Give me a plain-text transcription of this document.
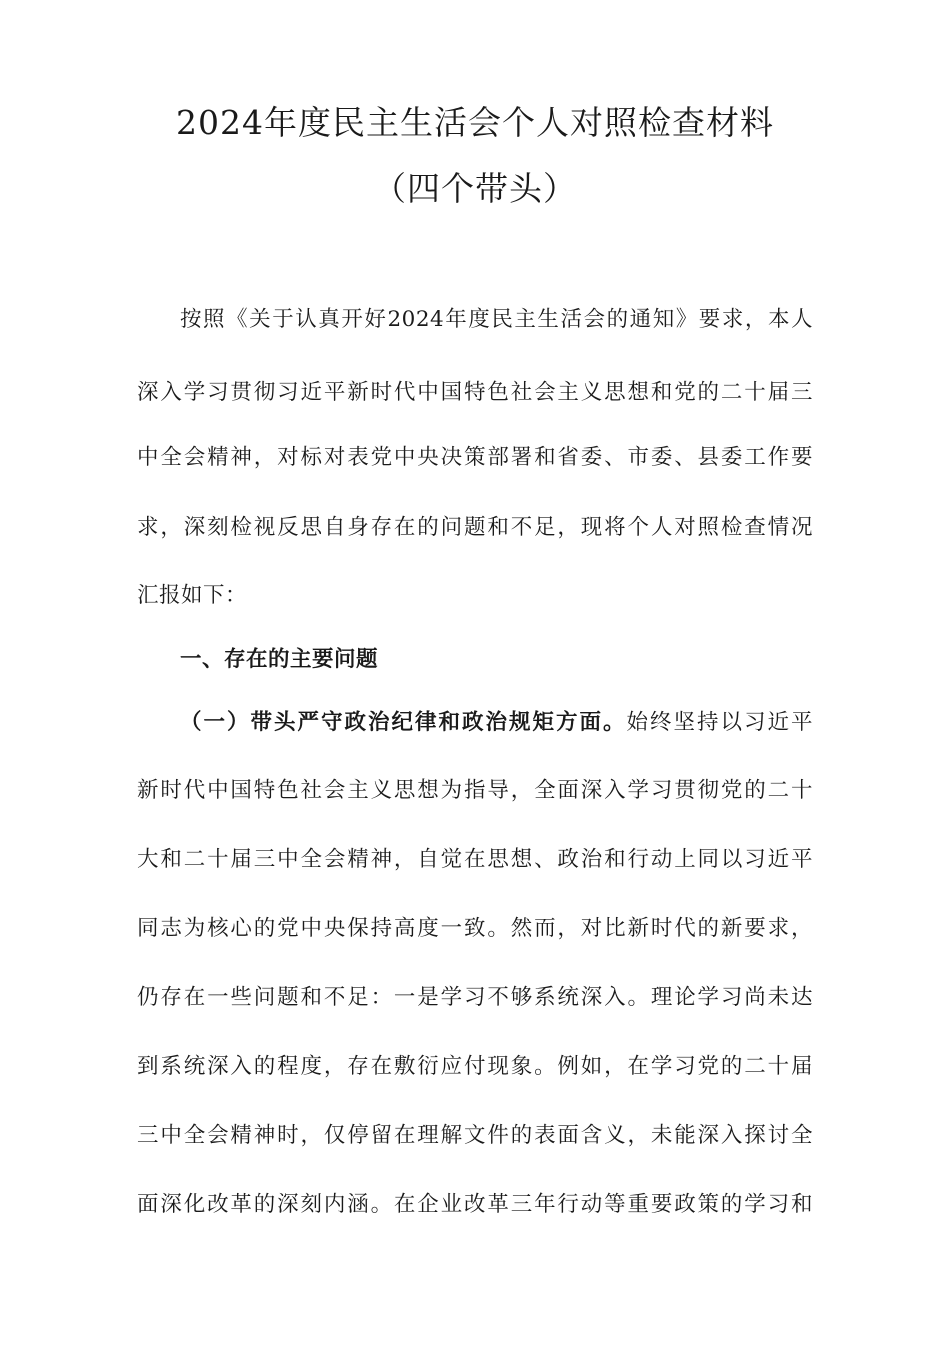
2024年度民主生活会个人对照检查材料
（四个带头）
按照《关于认真开好2024年度民主生活会的通知》要求，本人
深入学习贯彻习近平新时代中国特色社会主义思想和党的二十届三
中全会精神，对标对表党中央决策部署和省委、市委、县委工作要
求，深刻检视反思自身存在的问题和不足，现将个人对照检查情况
汇报如下：
一、存在的主要问题
（一）带头严守政治纪律和政治规矩方面。始终坚持以习近平
新时代中国特色社会主义思想为指导，全面深入学习贯彻党的二十
大和二十届三中全会精神，自觉在思想、政治和行动上同以习近平
同志为核心的党中央保持高度一致。然而，对比新时代的新要求，
仍存在一些问题和不足：一是学习不够系统深入。理论学习尚未达
到系统深入的程度，存在敷衍应付现象。例如，在学习党的二十届
三中全会精神时，仅停留在理解文件的表面含义，未能深入探讨全
面深化改革的深刻内涵。在企业改革三年行动等重要政策的学习和
